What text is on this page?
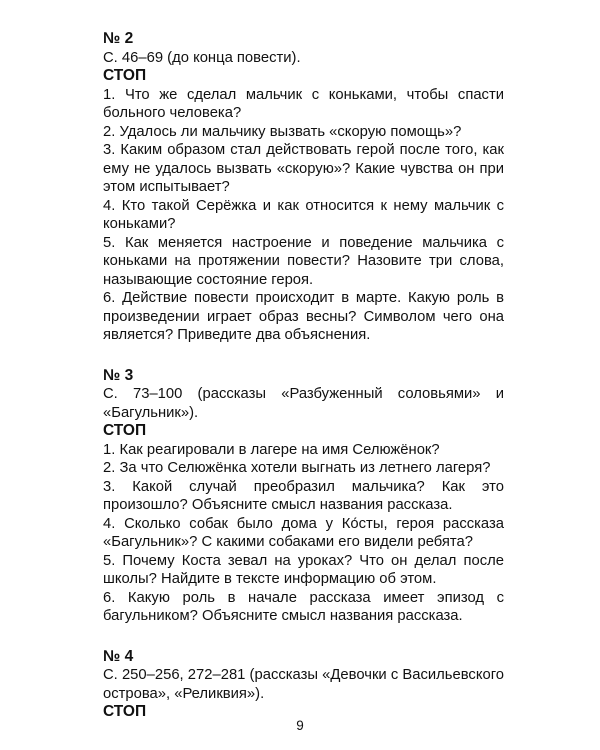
№ 2

С. 46–69 (до конца повести).

СТОП

1. Что же сделал мальчик с коньками, чтобы спасти больного человека?
2. Удалось ли мальчику вызвать «скорую помощь»?
3. Каким образом стал действовать герой после того, как ему не удалось вызвать «скорую»? Какие чувства он при этом испытывает?
4. Кто такой Серёжка и как относится к нему мальчик с коньками?
5. Как меняется настроение и поведение мальчика с коньками на протяжении повести? Назовите три слова, называющие состояние героя.
6. Действие повести происходит в марте. Какую роль в произведении играет образ весны? Символом чего она является? Приведите два объяснения.

№ 3

С. 73–100 (рассказы «Разбуженный соловьями» и «Багульник»).

СТОП

1. Как реагировали в лагере на имя Селюжёнок?
2. За что Селюжёнка хотели выгнать из летнего лагеря?
3. Какой случай преобразил мальчика? Как это произошло? Объясните смысл названия рассказа.
4. Сколько собак было дома у Ко́сты, героя рассказа «Багульник»? С какими собаками его видели ребята?
5. Почему Коста зевал на уроках? Что он делал после школы? Найдите в тексте информацию об этом.
6. Какую роль в начале рассказа имеет эпизод с багульником? Объясните смысл названия рассказа.

№ 4

С. 250–256, 272–281 (рассказы «Девочки с Васильевского острова», «Реликвия»).

СТОП

9
